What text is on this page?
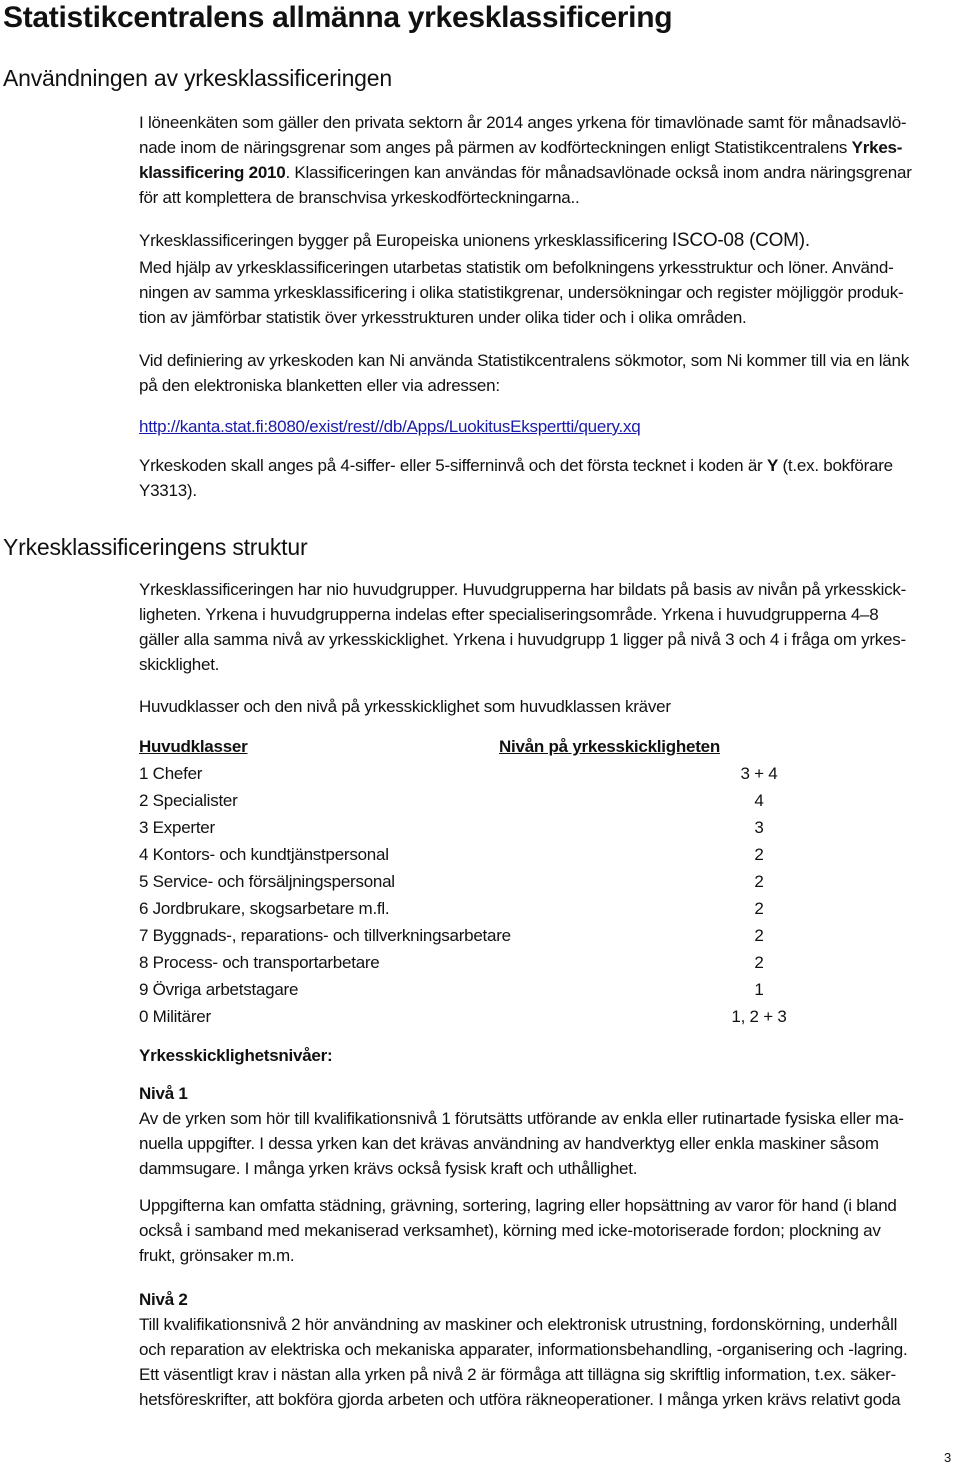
Statistikcentralens allmänna yrkesklassificering
Användningen av yrkesklassificeringen
I löneenkäten som gäller den privata sektorn år 2014 anges yrkena för timavlönade samt för månadsavlö-
nade inom de näringsgrenar som anges på pärmen av kodförteckningen enligt Statistikcentralens Yrkes-
klassificering 2010. Klassificeringen kan användas för månadsavlönade också inom andra näringsgrenar
för att komplettera de branschvisa yrkeskodförteckningarna..
Yrkesklassificeringen bygger på Europeiska unionens yrkesklassificering ISCO-08 (COM).
Med hjälp av yrkesklassificeringen utarbetas statistik om befolkningens yrkesstruktur och löner. Använd-
ningen av samma yrkesklassificering i olika statistikgrenar, undersökningar och register möjliggör produk-
tion av jämförbar statistik över yrkesstrukturen under olika tider och i olika områden.
Vid definiering av yrkeskoden kan Ni använda Statistikcentralens sökmotor, som Ni kommer till via en länk
på den elektroniska blanketten eller via adressen:
http://kanta.stat.fi:8080/exist/rest//db/Apps/LuokitusEkspertti/query.xq
Yrkeskoden skall anges på 4-siffer- eller 5-sifferninvå och det första tecknet i koden är Y (t.ex. bokförare
Y3313).
Yrkesklassificeringens struktur
Yrkesklassificeringen har nio huvudgrupper. Huvudgrupperna har bildats på basis av nivån på yrkesskick-
ligheten. Yrkena i huvudgrupperna indelas efter specialiseringsområde. Yrkena i huvudgrupperna 4–8
gäller alla samma nivå av yrkesskicklighet. Yrkena i huvudgrupp 1 ligger på nivå 3 och 4 i fråga om yrkes-
skicklighet.
Huvudklasser och den nivå på yrkesskicklighet som huvudklassen kräver
Huvudklasser	Nivån på yrkesskickligheten
1 Chefer	3 + 4
2 Specialister	4
3 Experter	3
4 Kontors- och kundtjänstpersonal	2
5 Service- och försäljningspersonal	2
6 Jordbrukare, skogsarbetare m.fl.	2
7 Byggnads-, reparations- och tillverkningsarbetare	2
8 Process- och transportarbetare	2
9 Övriga arbetstagare	1
0 Militärer	1, 2 + 3
Yrkesskicklighetsnivåer:
Nivå 1
Av de yrken som hör till kvalifikationsnivå 1 förutsätts utförande av enkla eller rutinartade fysiska eller ma-
nuella uppgifter. I dessa yrken kan det krävas användning av handverktyg eller enkla maskiner såsom
dammsugare. I många yrken krävs också fysisk kraft och uthållighet.
Uppgifterna kan omfatta städning, grävning, sortering, lagring eller hopsättning av varor för hand (i bland
också i samband med mekaniserad verksamhet), körning med icke-motoriserade fordon; plockning av
frukt, grönsaker m.m.
Nivå 2
Till kvalifikationsnivå 2 hör användning av maskiner och elektronisk utrustning, fordonskörning, underhåll
och reparation av elektriska och mekaniska apparater, informationsbehandling, -organisering och -lagring.
Ett väsentligt krav i nästan alla yrken på nivå 2 är förmåga att tillägna sig skriftlig information, t.ex. säker-
hetsföreskrifter, att bokföra gjorda arbeten och utföra räkneoperationer. I många yrken krävs relativt goda
3
